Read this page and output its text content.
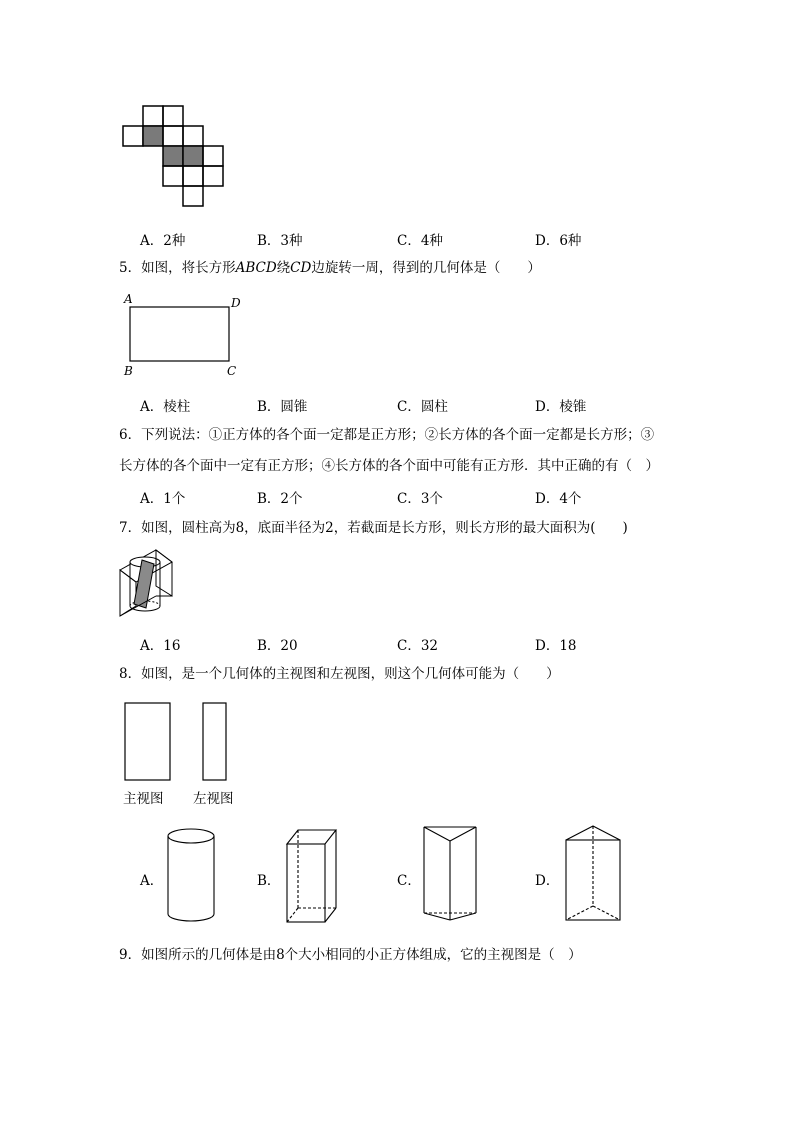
A．2种	B．3种	C．4种	D．6种
5．如图，将长方形ABCD绕CD边旋转一周，得到的几何体是（　　）
A	D
B	C
A．棱柱	B．圆锥	C．圆柱	D．棱锥
6．下列说法：①正方体的各个面一定都是正方形；②长方体的各个面一定都是长方形；③
长方体的各个面中一定有正方形；④长方体的各个面中可能有正方形．其中正确的有（　）
A．1个	B．2个	C．3个	D．4个
7．如图，圆柱高为8，底面半径为2，若截面是长方形，则长方形的最大面积为(　　)
A．16	B．20	C．32	D．18
8．如图，是一个几何体的主视图和左视图，则这个几何体可能为（　　）
主视图 左视图
A．	B．	C．	D．
9．如图所示的几何体是由8个大小相同的小正方体组成，它的主视图是（　）
